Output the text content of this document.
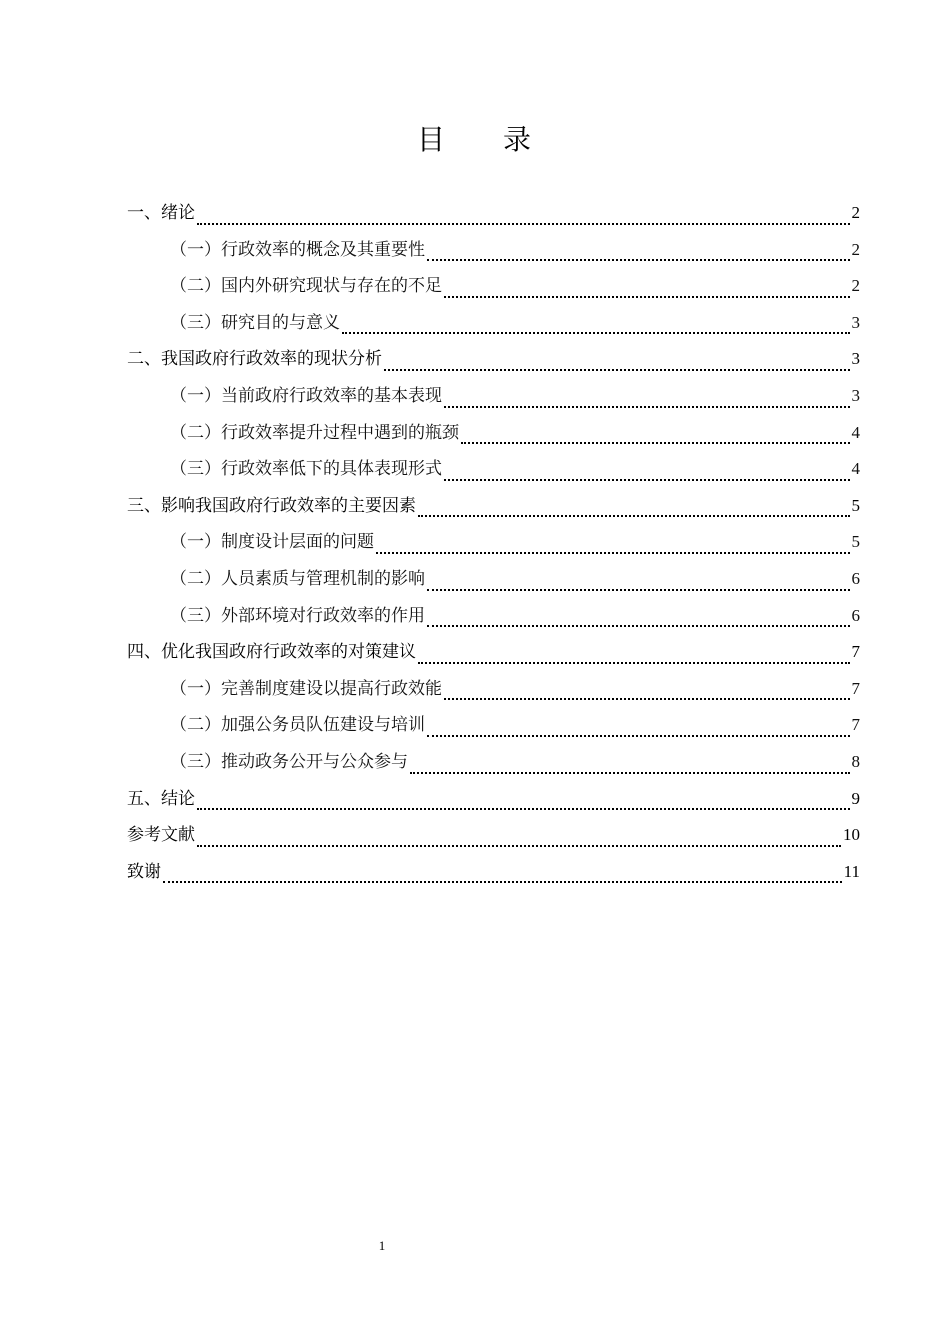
目 录
一、绪论	2
（一）行政效率的概念及其重要性	2
（二）国内外研究现状与存在的不足	2
（三）研究目的与意义	3
二、我国政府行政效率的现状分析	3
（一）当前政府行政效率的基本表现	3
（二）行政效率提升过程中遇到的瓶颈	4
（三）行政效率低下的具体表现形式	4
三、影响我国政府行政效率的主要因素	5
（一）制度设计层面的问题	5
（二）人员素质与管理机制的影响	6
（三）外部环境对行政效率的作用	6
四、优化我国政府行政效率的对策建议	7
（一）完善制度建设以提高行政效能	7
（二）加强公务员队伍建设与培训	7
（三）推动政务公开与公众参与	8
五、结论	9
参考文献	10
致谢	11
1
